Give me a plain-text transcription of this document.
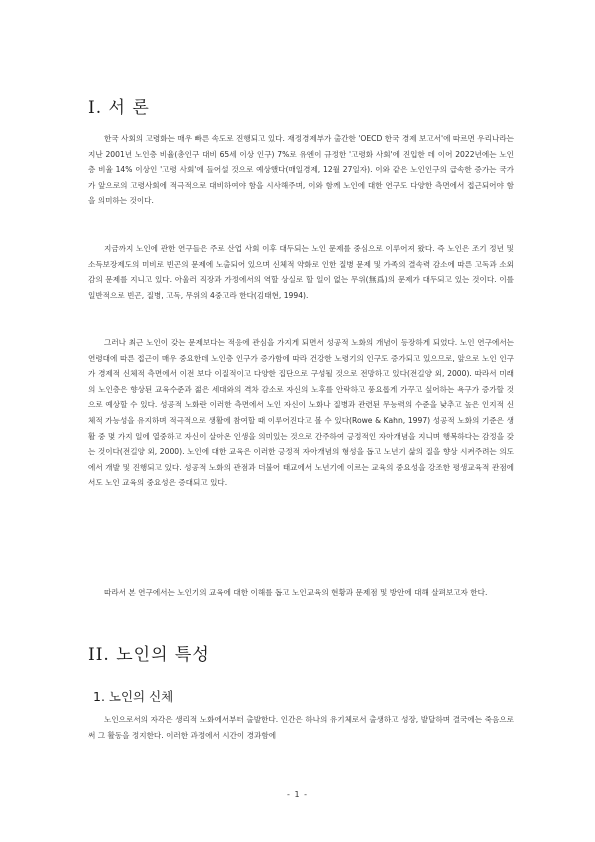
I. 서 론

한국 사회의 고령화는 매우 빠른 속도로 진행되고 있다. 재정경제부가 출간한 'OECD 한국 경제 보고서'에 따르면 우리나라는 지난 2001년 노인층 비율(총인구 대비 65세 이상 인구) 7%로 유엔이 규정한 '고령화 사회'에 진입한 데 이어 2022년에는 노인층 비율 14% 이상인 '고령 사회'에 들어설 것으로 예상했다(매일경제, 12월 27일자). 이와 같은 노인인구의 급속한 증가는 국가가 앞으로의 고령사회에 적극적으로 대비하여야 함을 시사해주며, 이와 함께 노인에 대한 연구도 다양한 측면에서 접근되어야 함을 의미하는 것이다.

지금까지 노인에 관한 연구들은 주로 산업 사회 이후 대두되는 노인 문제를 중심으로 이루어져 왔다. 즉 노인은 조기 정년 및 소득보장제도의 미비로 빈곤의 문제에 노출되어 있으며 신체적 약화로 인한 질병 문제 및 가족의 결속력 감소에 따른 고독과 소외감의 문제를 지니고 있다. 아울러 직장과 가정에서의 역할 상실로 할 일이 없는 무위(無爲)의 문제가 대두되고 있는 것이다. 이를 일반적으로 빈곤, 질병, 고독, 무위의 4중고라 한다(김태현, 1994).

그러나 최근 노인이 갖는 문제보다는 적응에 관심을 가지게 되면서 성공적 노화의 개념이 등장하게 되었다. 노인 연구에서는 연령대에 따른 접근이 매우 중요한데 노인층 인구가 증가함에 따라 건강한 노령기의 인구도 증가되고 있으므로, 앞으로 노인 인구가 경제적 신체적 측면에서 이전 보다 이질적이고 다양한 집단으로 구성될 것으로 전망하고 있다(전길양 외, 2000). 따라서 미래의 노인층은 향상된 교육수준과 젊은 세대와의 격차 감소로 자신의 노후를 안락하고 풍요롭게 가꾸고 싶어하는 욕구가 증가할 것으로 예상할 수 있다. 성공적 노화란 이러한 측면에서 노인 자신이 노화나 질병과 관련된 무능력의 수준을 낮추고 높은 인지적 신체적 가능성을 유지하며 적극적으로 생활에 참여할 때 이루어진다고 볼 수 있다(Rowe & Kahn, 1997) 성공적 노화의 기준은 생활 중 몇 가지 일에 열중하고 자신이 살아온 인생을 의미있는 것으로 간주하여 긍정적인 자아개념을 지니며 행복하다는 감정을 갖는 것이다(전길양 외, 2000). 노인에 대한 교육은 이러한 긍정적 자아개념의 형성을 돕고 노년기 삶의 질을 향상 시켜주려는 의도에서 개발 및 진행되고 있다. 성공적 노화의 관점과 더불어 태교에서 노년기에 이르는 교육의 중요성을 강조한 평생교육적 관점에서도 노인 교육의 중요성은 증대되고 있다.

따라서 본 연구에서는 노인기의 교육에 대한 이해를 돕고 노인교육의 현황과 문제점 및 방안에 대해 살펴보고자 한다.

II. 노인의 특성
1. 노인의 신체

노인으로서의 자각은 생리적 노화에서부터 출발한다. 인간은 하나의 유기체로서 출생하고 성장, 발달하며 결국에는 죽음으로써 그 활동을 정지한다. 이러한 과정에서 시간이 경과함에

- 1 -
